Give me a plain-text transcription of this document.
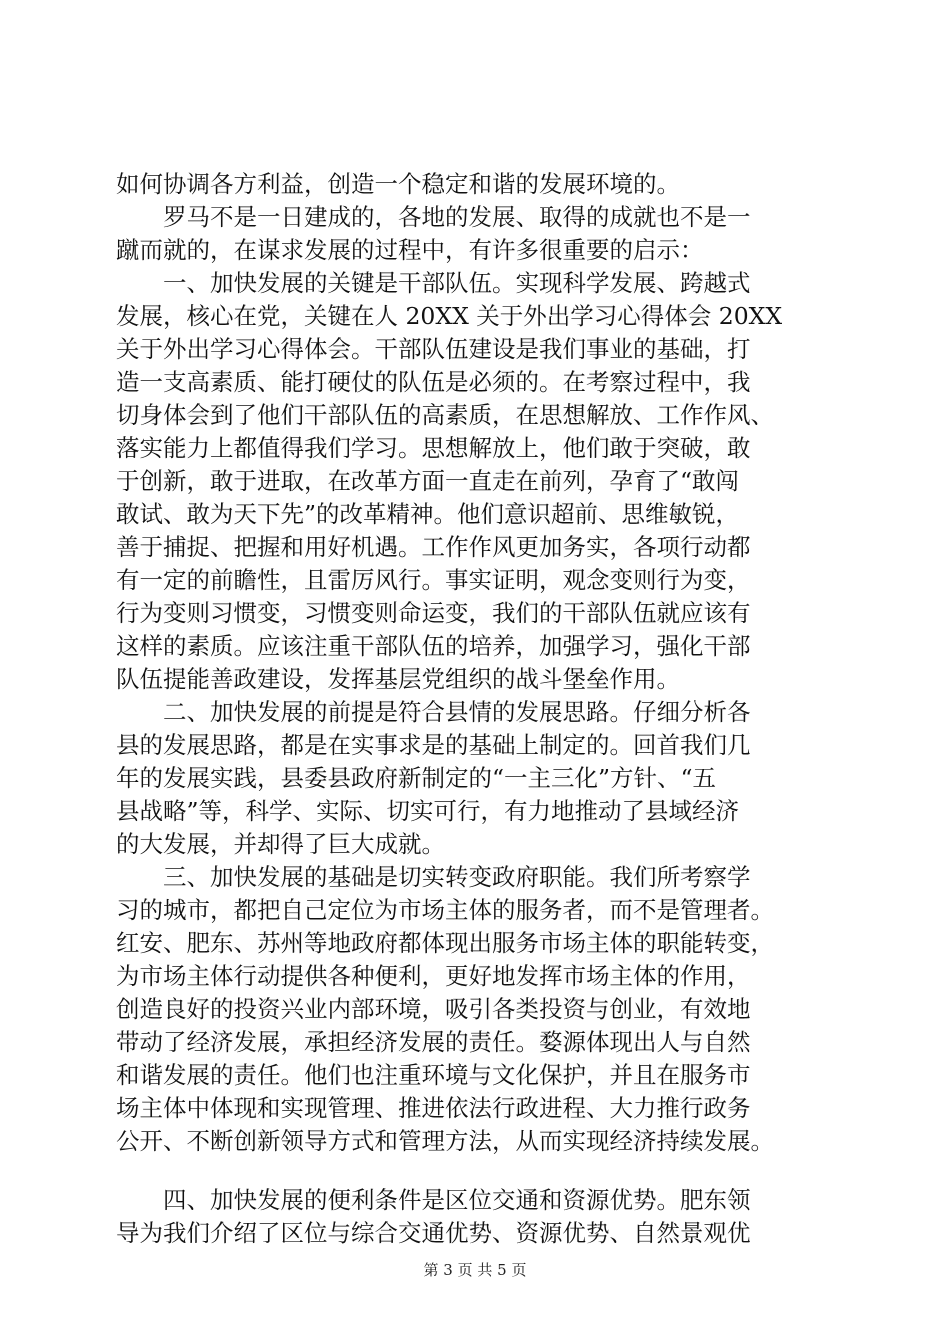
如何协调各方利益，创造一个稳定和谐的发展环境的。
罗马不是一日建成的，各地的发展、取得的成就也不是一
蹴而就的，在谋求发展的过程中，有许多很重要的启示：
一、加快发展的关键是干部队伍。实现科学发展、跨越式
发展，核心在党，关键在人 20XX 关于外出学习心得体会 20XX
关于外出学习心得体会。干部队伍建设是我们事业的基础，打
造一支高素质、能打硬仗的队伍是必须的。在考察过程中，我
切身体会到了他们干部队伍的高素质，在思想解放、工作作风、
落实能力上都值得我们学习。思想解放上，他们敢于突破，敢
于创新，敢于进取，在改革方面一直走在前列，孕育了“敢闯
敢试、敢为天下先”的改革精神。他们意识超前、思维敏锐，
善于捕捉、把握和用好机遇。工作作风更加务实，各项行动都
有一定的前瞻性，且雷厉风行。事实证明，观念变则行为变，
行为变则习惯变，习惯变则命运变，我们的干部队伍就应该有
这样的素质。应该注重干部队伍的培养，加强学习，强化干部
队伍提能善政建设，发挥基层党组织的战斗堡垒作用。
二、加快发展的前提是符合县情的发展思路。仔细分析各
县的发展思路，都是在实事求是的基础上制定的。回首我们几
年的发展实践，县委县政府新制定的“一主三化”方针、“五
县战略”等，科学、实际、切实可行，有力地推动了县域经济
的大发展，并却得了巨大成就。
三、加快发展的基础是切实转变政府职能。我们所考察学
习的城市，都把自己定位为市场主体的服务者，而不是管理者。
红安、肥东、苏州等地政府都体现出服务市场主体的职能转变，
为市场主体行动提供各种便利，更好地发挥市场主体的作用，
创造良好的投资兴业内部环境，吸引各类投资与创业，有效地
带动了经济发展，承担经济发展的责任。婺源体现出人与自然
和谐发展的责任。他们也注重环境与文化保护，并且在服务市
场主体中体现和实现管理、推进依法行政进程、大力推行政务
公开、不断创新领导方式和管理方法，从而实现经济持续发展。
四、加快发展的便利条件是区位交通和资源优势。肥东领
导为我们介绍了区位与综合交通优势、资源优势、自然景观优
第 3 页 共 5 页
